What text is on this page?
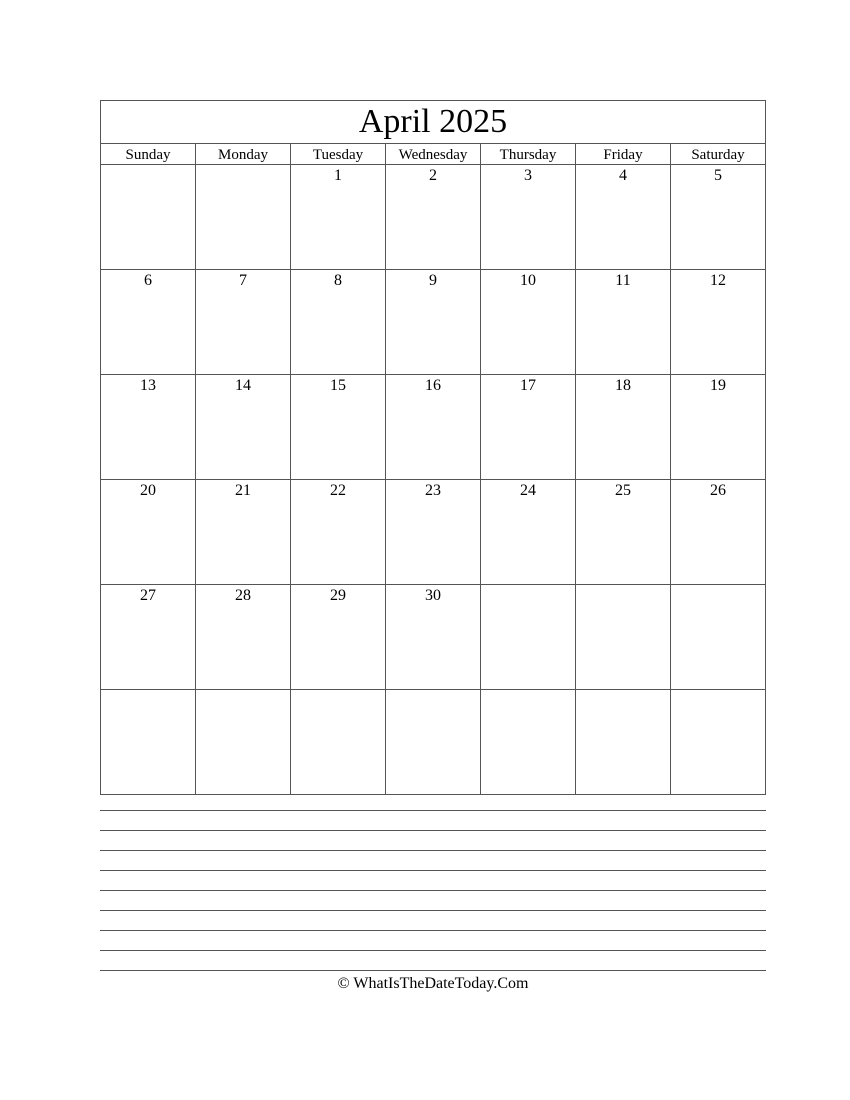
April 2025						
Sunday	Monday	Tuesday	Wednesday	Thursday	Friday	Saturday

		1	2	3	4	5

6	7	8	9	10	11	12

13	14	15	16	17	18	19

20	21	22	23	24	25	26

27	28	29	30			

© WhatIsTheDateToday.Com
